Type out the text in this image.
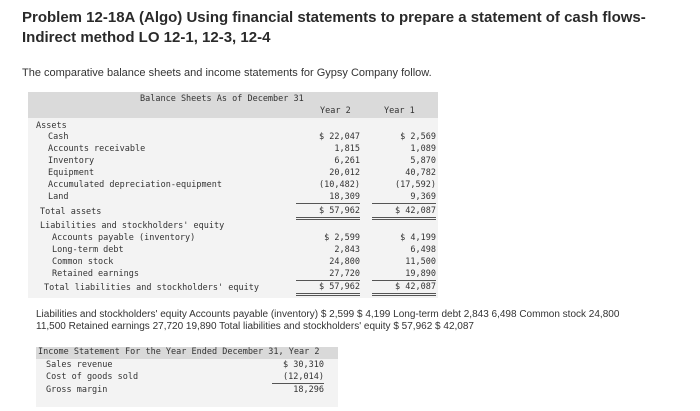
Problem 12-18A (Algo) Using financial statements to prepare a statement of cash flows-Indirect method LO 12-1, 12-3, 12-4
The comparative balance sheets and income statements for Gypsy Company follow.
Balance Sheets As of December 31
Year 2	Year 1
Assets
Cash	$ 22,047	$ 2,569
Accounts receivable	1,815	1,089
Inventory	6,261	5,870
Equipment	20,012	40,782
Accumulated depreciation-equipment	(10,482)	(17,592)
Land	18,309	9,369
Total assets	$ 57,962	$ 42,087
Liabilities and stockholders' equity
Accounts payable (inventory)	$ 2,599	$ 4,199
Long-term debt	2,843	6,498
Common stock	24,800	11,500
Retained earnings	27,720	19,890
Total liabilities and stockholders' equity	$ 57,962	$ 42,087
Liabilities and stockholders' equity Accounts payable (inventory) $ 2,599 $ 4,199 Long-term debt 2,843 6,498 Common stock 24,800 11,500 Retained earnings 27,720 19,890 Total liabilities and stockholders' equity $ 57,962 $ 42,087
Income Statement For the Year Ended December 31, Year 2
Sales revenue	$ 30,310
Cost of goods sold	(12,014)
Gross margin	18,296
